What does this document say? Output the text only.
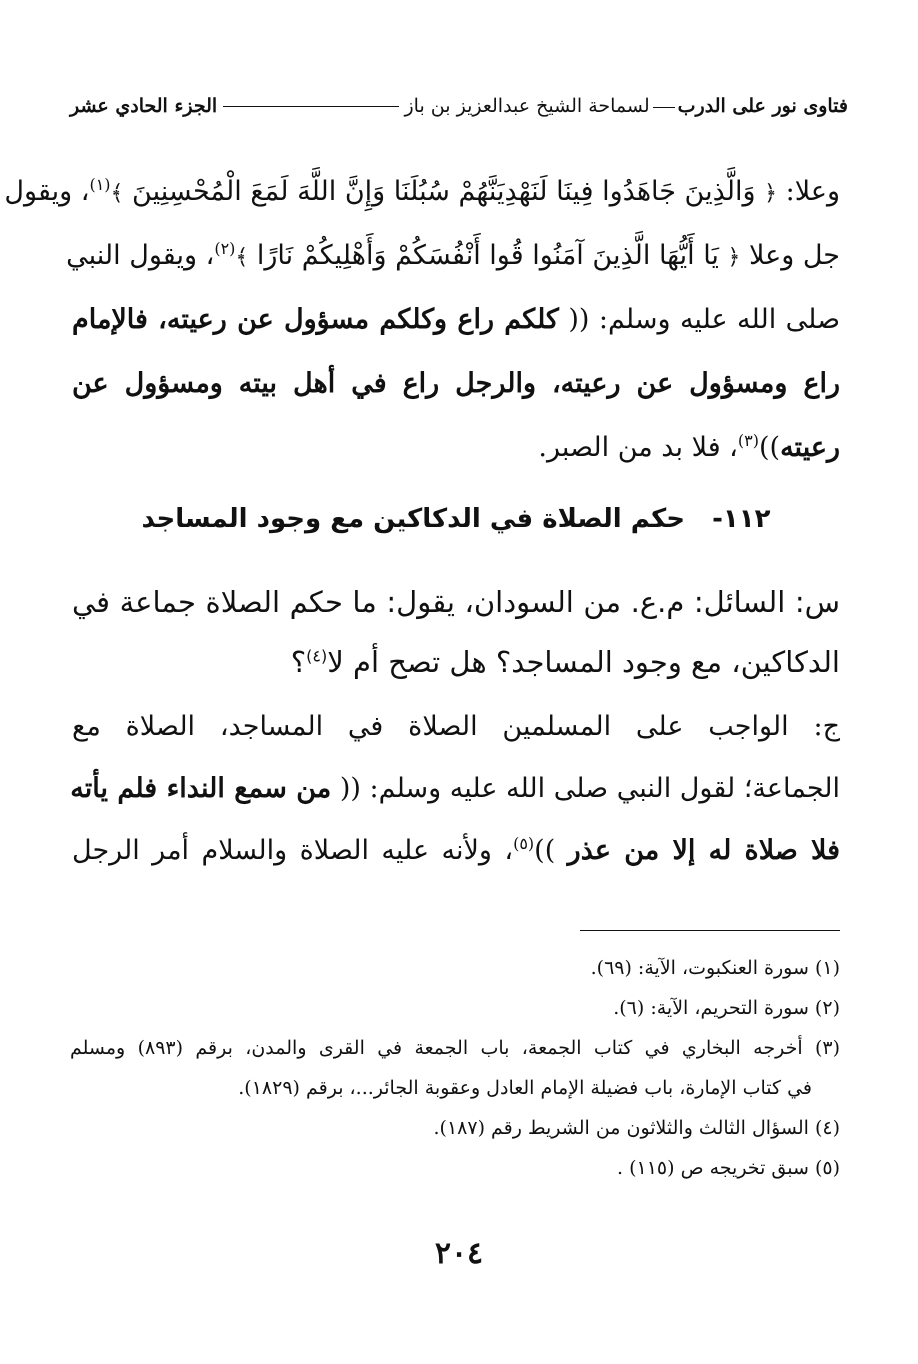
فتاوى نور على الدربلسماحة الشيخ عبدالعزيز بن باز
الجزء الحادي عشر
وعلا: ﴿ وَالَّذِينَ جَاهَدُوا فِينَا لَنَهْدِيَنَّهُمْ سُبُلَنَا وَإِنَّ اللَّهَ لَمَعَ الْمُحْسِنِينَ ﴾$^{(١)}$، ويقول
جل وعلا ﴿ يَا أَيُّهَا الَّذِينَ آمَنُوا قُوا أَنْفُسَكُمْ وَأَهْلِيكُمْ نَارًا ﴾$^{(٢)}$، ويقول النبي
صلى الله عليه وسلم: (( كلكم راع وكلكم مسؤول عن رعيته، فالإمام
راع ومسؤول عن رعيته، والرجل راع في أهل بيته ومسؤول عن
رعيته))$^{(٣)}$، فلا بد من الصبر.
١١٢-   حكم الصلاة في الدكاكين مع وجود المساجد
س: السائل: م.ع. من السودان، يقول: ما حكم الصلاة جماعة في
الدكاكين، مع وجود المساجد؟ هل تصح أم لا$^{(٤)}$؟
ج: الواجب على المسلمين الصلاة في المساجد، الصلاة مع
الجماعة؛ لقول النبي صلى الله عليه وسلم: (( من سمع النداء فلم يأته
فلا صلاة له إلا من عذر ))$^{(٥)}$، ولأنه عليه الصلاة والسلام أمر الرجل
(١) سورة العنكبوت، الآية: (٦٩).
(٢) سورة التحريم، الآية: (٦).
(٣) أخرجه البخاري في كتاب الجمعة، باب الجمعة في القرى والمدن، برقم (٨٩٣) ومسلم
في كتاب الإمارة، باب فضيلة الإمام العادل وعقوبة الجائر...، برقم (١٨٢٩).
(٤) السؤال الثالث والثلاثون من الشريط رقم (١٨٧).
(٥) سبق تخريجه ص (١١٥) .
٢٠٤
